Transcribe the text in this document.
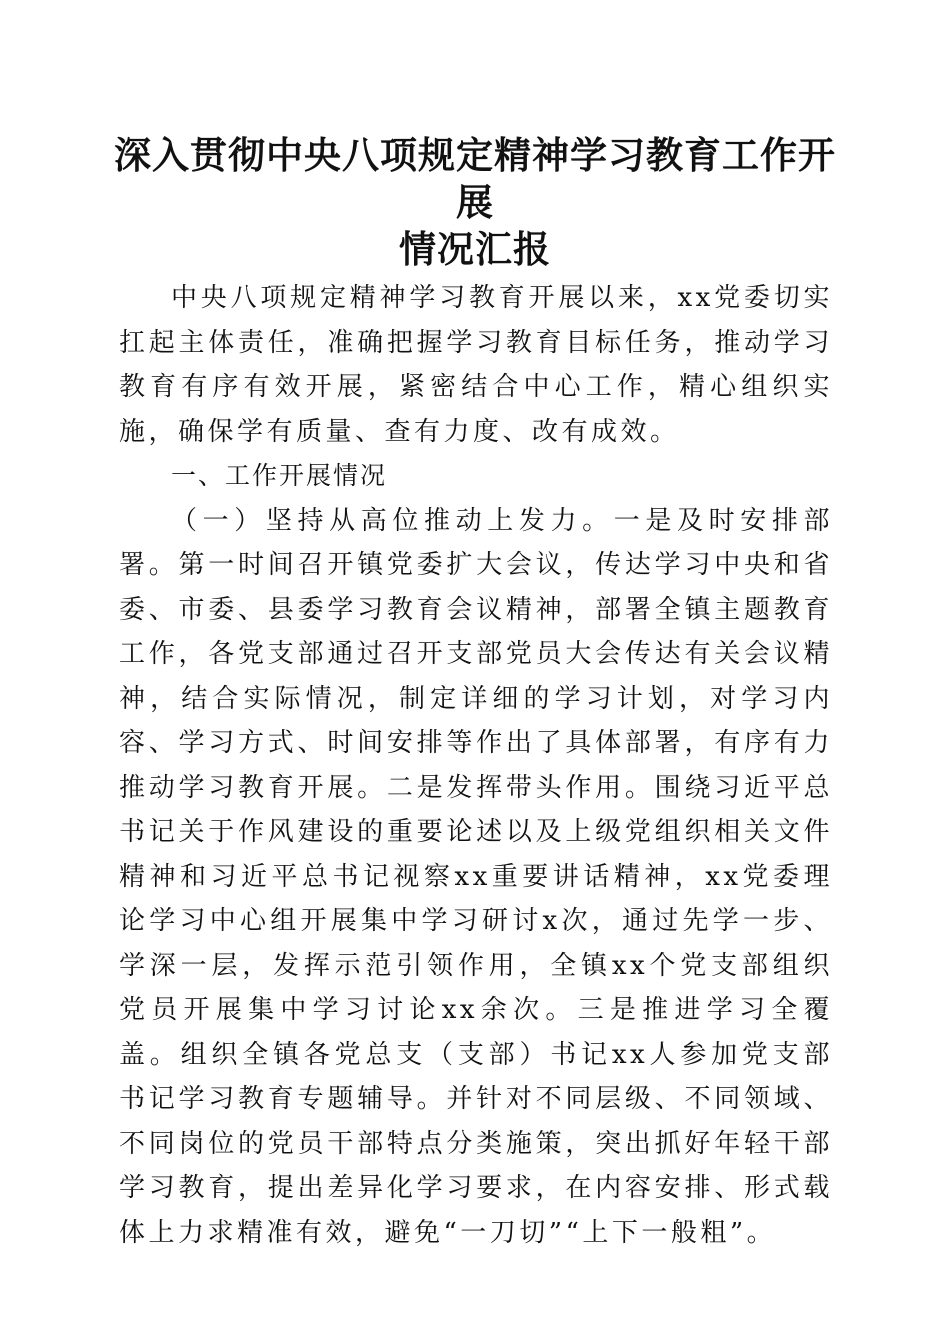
深入贯彻中央八项规定精神学习教育工作开展
情况汇报

中央八项规定精神学习教育开展以来，xx党委切实扛起主体责任，准确把握学习教育目标任务，推动学习教育有序有效开展，紧密结合中心工作，精心组织实施，确保学有质量、查有力度、改有成效。

一、工作开展情况

（一）坚持从高位推动上发力。一是及时安排部署。第一时间召开镇党委扩大会议，传达学习中央和省委、市委、县委学习教育会议精神，部署全镇主题教育工作，各党支部通过召开支部党员大会传达有关会议精神，结合实际情况，制定详细的学习计划，对学习内容、学习方式、时间安排等作出了具体部署，有序有力推动学习教育开展。二是发挥带头作用。围绕习近平总书记关于作风建设的重要论述以及上级党组织相关文件精神和习近平总书记视察xx重要讲话精神，xx党委理论学习中心组开展集中学习研讨x次，通过先学一步、学深一层，发挥示范引领作用，全镇xx个党支部组织党员开展集中学习讨论xx余次。三是推进学习全覆盖。组织全镇各党总支（支部）书记xx人参加党支部书记学习教育专题辅导。并针对不同层级、不同领域、不同岗位的党员干部特点分类施策，突出抓好年轻干部学习教育，提出差异化学习要求，在内容安排、形式载体上力求精准有效，避免“一刀切”“上下一般粗”。
